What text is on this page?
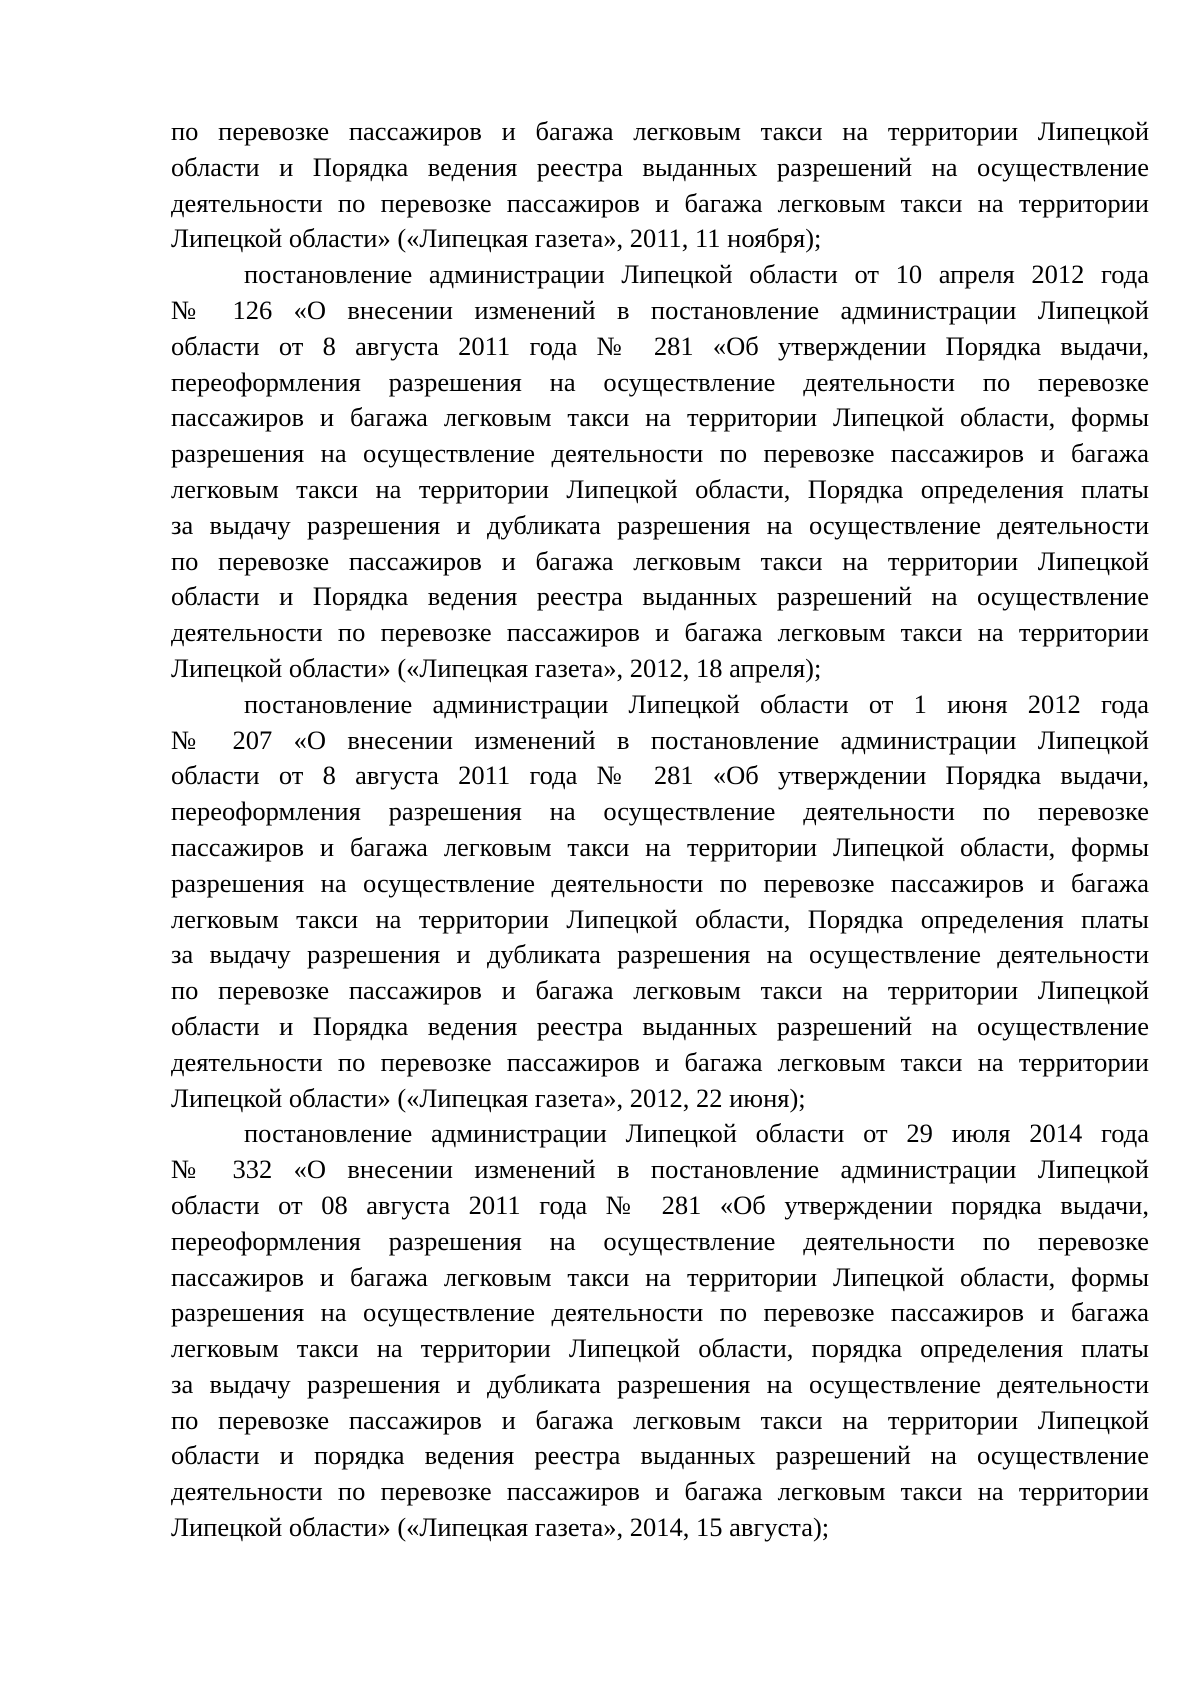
по перевозке пассажиров и багажа легковым такси на территории Липецкой
области и Порядка ведения реестра выданных разрешений на осуществление
деятельности по перевозке пассажиров и багажа легковым такси на территории
Липецкой области» («Липецкая газета», 2011, 11 ноября);
постановление администрации Липецкой области от 10 апреля 2012 года
№ 126 «О внесении изменений в постановление администрации Липецкой
области от 8 августа 2011 года № 281 «Об утверждении Порядка выдачи,
переоформления разрешения на осуществление деятельности по перевозке
пассажиров и багажа легковым такси на территории Липецкой области, формы
разрешения на осуществление деятельности по перевозке пассажиров и багажа
легковым такси на территории Липецкой области, Порядка определения платы
за выдачу разрешения и дубликата разрешения на осуществление деятельности
по перевозке пассажиров и багажа легковым такси на территории Липецкой
области и Порядка ведения реестра выданных разрешений на осуществление
деятельности по перевозке пассажиров и багажа легковым такси на территории
Липецкой области» («Липецкая газета», 2012, 18 апреля);
постановление администрации Липецкой области от 1 июня 2012 года
№ 207 «О внесении изменений в постановление администрации Липецкой
области от 8 августа 2011 года № 281 «Об утверждении Порядка выдачи,
переоформления разрешения на осуществление деятельности по перевозке
пассажиров и багажа легковым такси на территории Липецкой области, формы
разрешения на осуществление деятельности по перевозке пассажиров и багажа
легковым такси на территории Липецкой области, Порядка определения платы
за выдачу разрешения и дубликата разрешения на осуществление деятельности
по перевозке пассажиров и багажа легковым такси на территории Липецкой
области и Порядка ведения реестра выданных разрешений на осуществление
деятельности по перевозке пассажиров и багажа легковым такси на территории
Липецкой области» («Липецкая газета», 2012, 22 июня);
постановление администрации Липецкой области от 29 июля 2014 года
№ 332 «О внесении изменений в постановление администрации Липецкой
области от 08 августа 2011 года № 281 «Об утверждении порядка выдачи,
переоформления разрешения на осуществление деятельности по перевозке
пассажиров и багажа легковым такси на территории Липецкой области, формы
разрешения на осуществление деятельности по перевозке пассажиров и багажа
легковым такси на территории Липецкой области, порядка определения платы
за выдачу разрешения и дубликата разрешения на осуществление деятельности
по перевозке пассажиров и багажа легковым такси на территории Липецкой
области и порядка ведения реестра выданных разрешений на осуществление
деятельности по перевозке пассажиров и багажа легковым такси на территории
Липецкой области» («Липецкая газета», 2014, 15 августа);
